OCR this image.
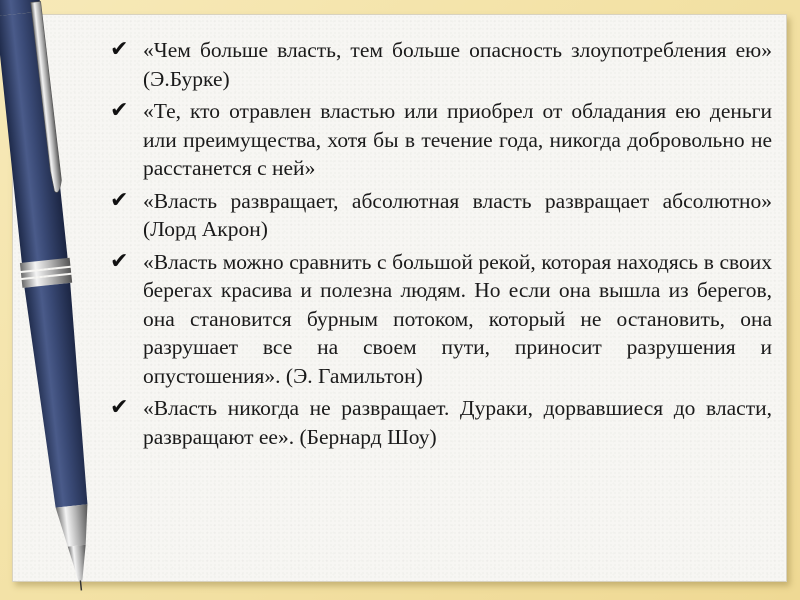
✔ «Чем больше власть, тем больше опасность злоупотребления ею» (Э.Бурке)
✔ «Те, кто отравлен властью или приобрел от обладания ею деньги или преимущества, хотя бы в течение года, никогда добровольно не расстанется с ней»
✔ «Власть развращает, абсолютная власть развращает абсолютно» (Лорд Акрон)
✔ «Власть можно сравнить с большой рекой, которая находясь в своих берегах красива и полезна людям. Но если она вышла из берегов, она становится бурным потоком, который не остановить, она разрушает все на своем пути, приносит разрушения и опустошения». (Э. Гамильтон)
✔ «Власть никогда не развращает. Дураки, дорвавшиеся до власти, развращают ее». (Бернард Шоу)
